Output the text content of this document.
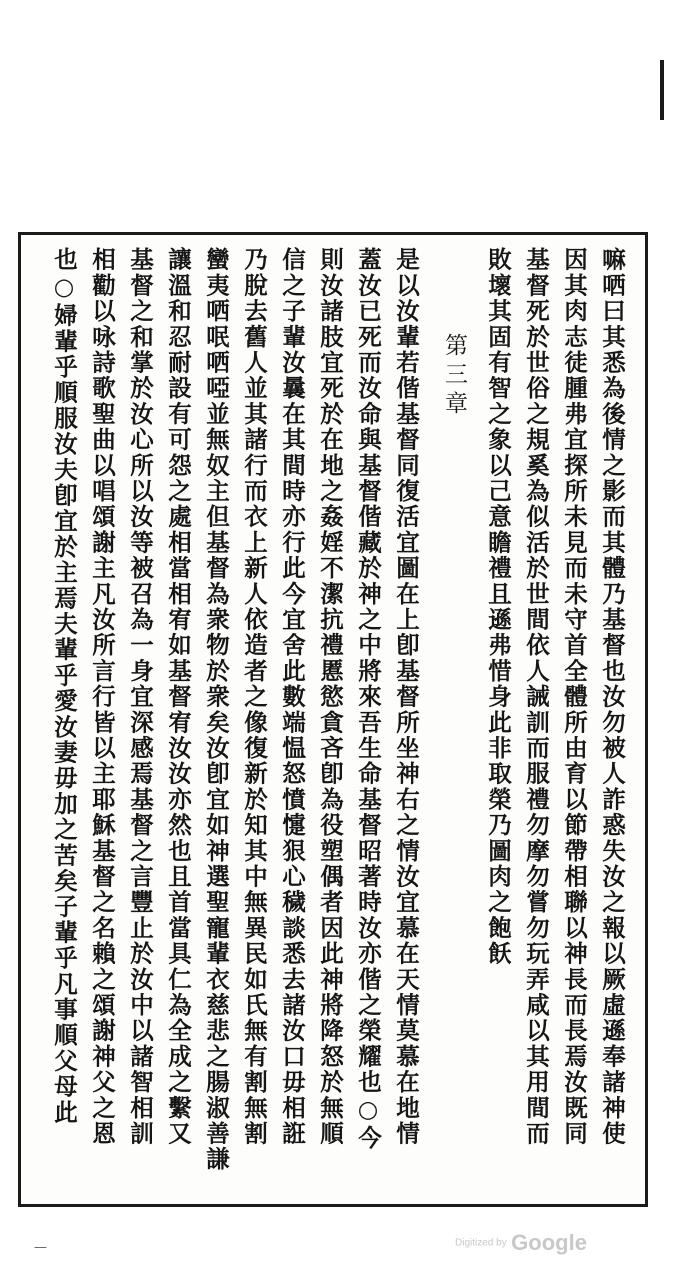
嘛哂曰其悉為後情之影而其體乃基督也汝勿被人詐惑失汝之報以厥虛遜奉諸神使
因其肉志徒腫弗宜探所未見而未守首全體所由育以節帶相聯以神長而長焉汝既同
基督死於世俗之規奚為似活於世間依人誡訓而服禮勿摩勿嘗勿玩弄咸以其用間而
敗壞其固有智之象以己意瞻禮且遜弗惜身此非取榮乃圖肉之飽飫
第三章
是以汝輩若偕基督同復活宜圖在上卽基督所坐神右之情汝宜慕在天情莫慕在地情
蓋汝已死而汝命與基督偕藏於神之中將來吾生命基督昭著時汝亦偕之榮耀也○今
則汝諸肢宜死於在地之姦婬不潔抗禮慝慾貪吝卽為役塑偶者因此神將降怒於無順
信之子輩汝曩在其間時亦行此今宜舍此數端愠怒憤懥狠心穢談悉去諸汝口毋相誑
乃脫去舊人並其諸行而衣上新人依造者之像復新於知其中無異民如氏無有割無割
蠻夷哂呡哂啞並無奴主但基督為衆物於衆矣汝卽宜如神選聖寵輩衣慈悲之腸淑善謙
讓溫和忍耐設有可怨之處相當相宥如基督宥汝汝亦然也且首當具仁為全成之繫又
基督之和掌於汝心所以汝等被召為一身宜深感焉基督之言豐止於汝中以諸智相訓
相勸以咏詩歌聖曲以唱頌謝主凡汝所言行皆以主耶穌基督之名賴之頌謝神父之恩
也○婦輩乎順服汝夫卽宜於主焉夫輩乎愛汝妻毋加之苦矣子輩乎凡事順父母此
—	Digitized by Google
